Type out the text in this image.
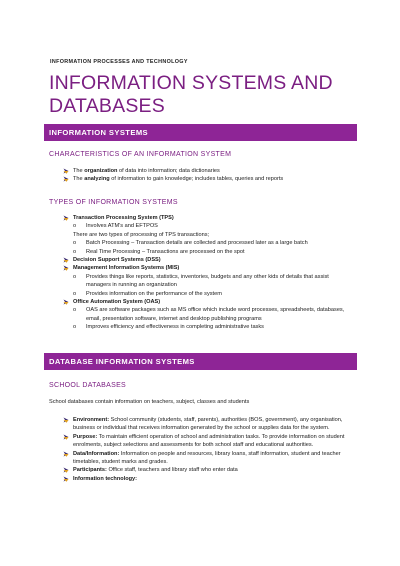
INFORMATION PROCESSES AND TECHNOLOGY
INFORMATION SYSTEMS AND DATABASES
INFORMATION SYSTEMS
CHARACTERISTICS OF AN INFORMATION SYSTEM
The organization of data into information; data dictionaries
The analyzing of information to gain knowledge; includes tables, queries and reports
TYPES OF INFORMATION SYSTEMS
Transaction Processing System (TPS)
o Involves ATM’s and EFTPOS
There are two types of processing of TPS transactions;
o Batch Processing – Transaction details are collected and processed later as a large batch
o Real Time Processing – Transactions are processed on the spot
Decision Support Systems (DSS)
Management Information Systems (MIS)
o Provides things like reports, statistics, inventories, budgets and any other kids of details that assist managers in running an organization
o Provides information on the performance of the system
Office Automation System (OAS)
o OAS are software packages such as MS office which include word processes, spreadsheets, databases, email, presentation software, internet and desktop publishing programs
o Improves efficiency and effectiveness in completing administrative tasks
DATABASE INFORMATION SYSTEMS
SCHOOL DATABASES
School databases contain information on teachers, subject, classes and students
Environment: School community (students, staff, parents), authorities (BOS, government), any organisation, business or individual that receives information generated by the school or supplies data for the system.
Purpose: To maintain efficient operation of school and administration tasks. To provide information on student enrolments, subject selections and assessments for both school staff and educational authorities.
Data/Information: Information on people and resources, library loans, staff information, student and teacher timetables, student marks and grades.
Participants: Office staff, teachers and library staff who enter data
Information technology:
